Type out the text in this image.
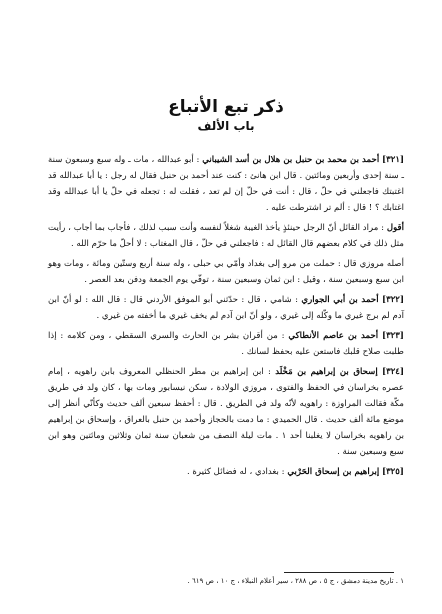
ذكر تبع الأتباع
باب الألف

[٣٢١] أحمد بن محمد بن حنبل بن هلال بن أسد الشيباني : أبو عبدالله ، مات ـ وله سبع وسبعون سنة ـ سنة إحدى وأربعين ومائتين . قال ابن هانئ : كنت عند أحمد بن حنبل فقال له رجل : يا أبا عبدالله قد اغتبتك فاجعلني في حلّ ، قال : أنت في حلّ إن لم تعد ، فقلت له : تجعله في حلّ يا أبا عبدالله وقد اغتابك ؟ ! قال : ألم تر اشترطت عليه .

أقول : مراد القائل أنّ الرجل حينئذٍ يأخذ الغيبة شغلاً لنفسه وأنت سبب لذلك ، فأجاب بما أجاب ، رأيت مثل ذلك في كلام بعضهم قال القائل له : فاجعلني في حلّ ، قال المغتاب : لا أحلّ ما حرّم الله .

أصله مروزي قال : حملت من مرو إلى بغداد وأمّي بي حبلى ، وله سنة أربع وستّين ومائة ، ومات وهو ابن سبع وسبعين سنة ، وقيل : ابن ثمان وسبعين سنة ، توفّي يوم الجمعة ودفن بعد العصر .

[٣٢٢] أحمد بن أبي الجواري : شامي ، قال : حدّثني أبو الموفق الأردني قال : قال الله : لو أنّ ابن آدم لم برج غيري ما وكّله إلى غيري ، ولو أنّ ابن آدم لم يخف غيري ما أخفته من غيري .

[٣٢٣] أحمد بن عاصم الأنطاكي : من أقران بشر بن الحارث والسري السقطي ، ومن كلامه : إذا طلبت صلاح قلبك فاستعن عليه بحفظ لسانك .

[٣٢٤] إسحاق بن إبراهيم بن مَخْلَد : ابن إبراهيم بن مطر الحنظلي المعروف بابن راهويه ، إمام عصره بخراسان في الحفظ والفتوى ، مروزي الولادة ، سكن نيسابور ومات بها ، كان ولد في طريق مكّة فقالت المراوزة : راهويه لأنّه ولد في الطريق . قال : أحفظ سبعين ألف حديث وكأنّي أنظر إلى موضع مائة ألف حديث . قال الحميدي : ما دمت بالحجاز وأحمد بن حنبل بالعراق ، وإسحاق بن إبراهيم بن راهويه بخراسان لا يغلبنا أحد ١ . مات ليلة النصف من شعبان سنة ثمان وثلاثين ومائتين وهو ابن سبع وسبعين سنة .

[٣٢٥] إبراهيم بن إسحاق الحَرْبي : بغدادي ، له فضائل كثيرة .

١ . تاريخ مدينة دمشق ، ج ٥ ، ص ٢٨٨ ، سير أعلام النبلاء ، ج ١٠ ، ص ٦١٩ .
